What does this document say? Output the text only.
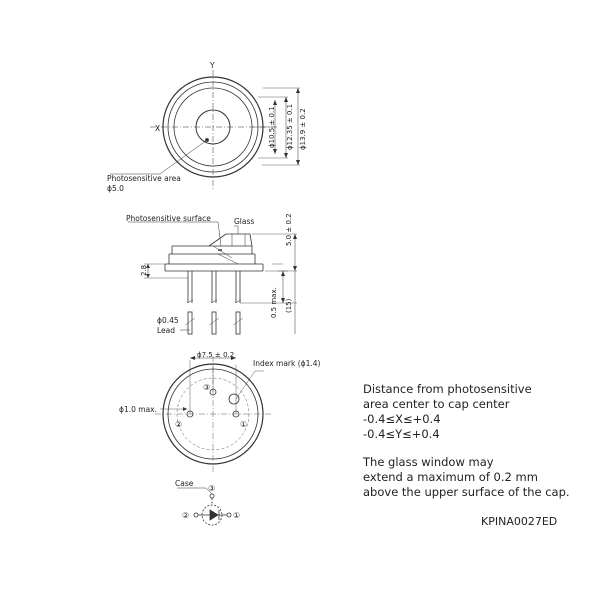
Y
X	ϕ10.5 ± 0.1 ϕ12.35 ± 0.1 ϕ13.9 ± 0.2
Photosensitive area
ϕ5.0
Photosensitive surface	Glass	5.0 ± 0.2
2.8
0.5 max. (15)
ϕ0.45
Lead
ϕ7.5 ± 0.2
Index mark (ϕ1.4)
ϕ1.0 max.
①
②
③
Case
③
②	①
Distance from photosensitive
area center to cap center
-0.4≤X≤+0.4
-0.4≤Y≤+0.4
The glass window may
extend a maximum of 0.2 mm
above the upper surface of the cap.
KPINA0027ED
